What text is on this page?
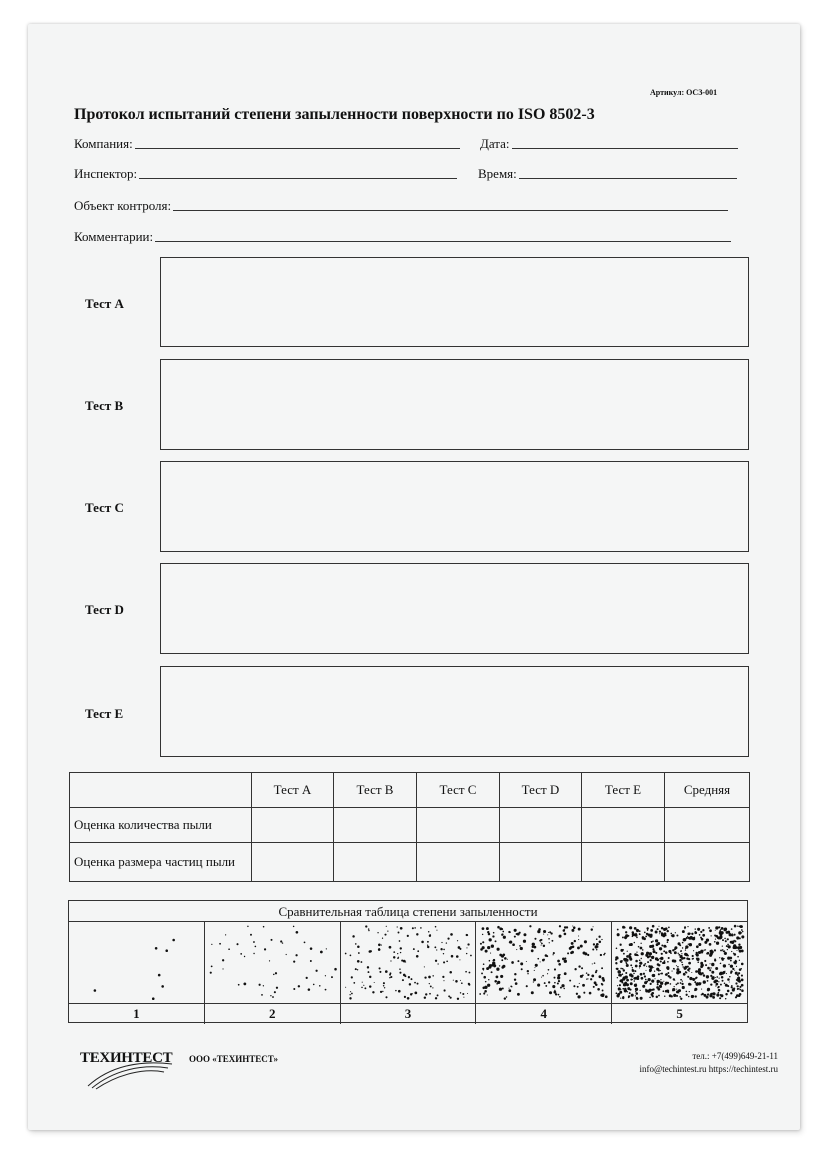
Артикул: ОСЗ-001
Протокол испытаний степени запыленности поверхности по ISO 8502-3
Компания:	Дата:
Инспектор:	Время:
Объект контроля:
Комментарии:
Тест А
Тест В
Тест С
Тест D
Тест Е
	Тест А	Тест В	Тест С	Тест D	Тест Е	Средняя
Оценка количества пыли						
Оценка размера частиц пыли						
Сравнительная таблица степени запыленности
1	2	3	4	5
ТЕХИНТЕСТ ООО «ТЕХИНТЕСТ»	тел.: +7(499)649-21-11
info@techintest.ru https://techintest.ru
